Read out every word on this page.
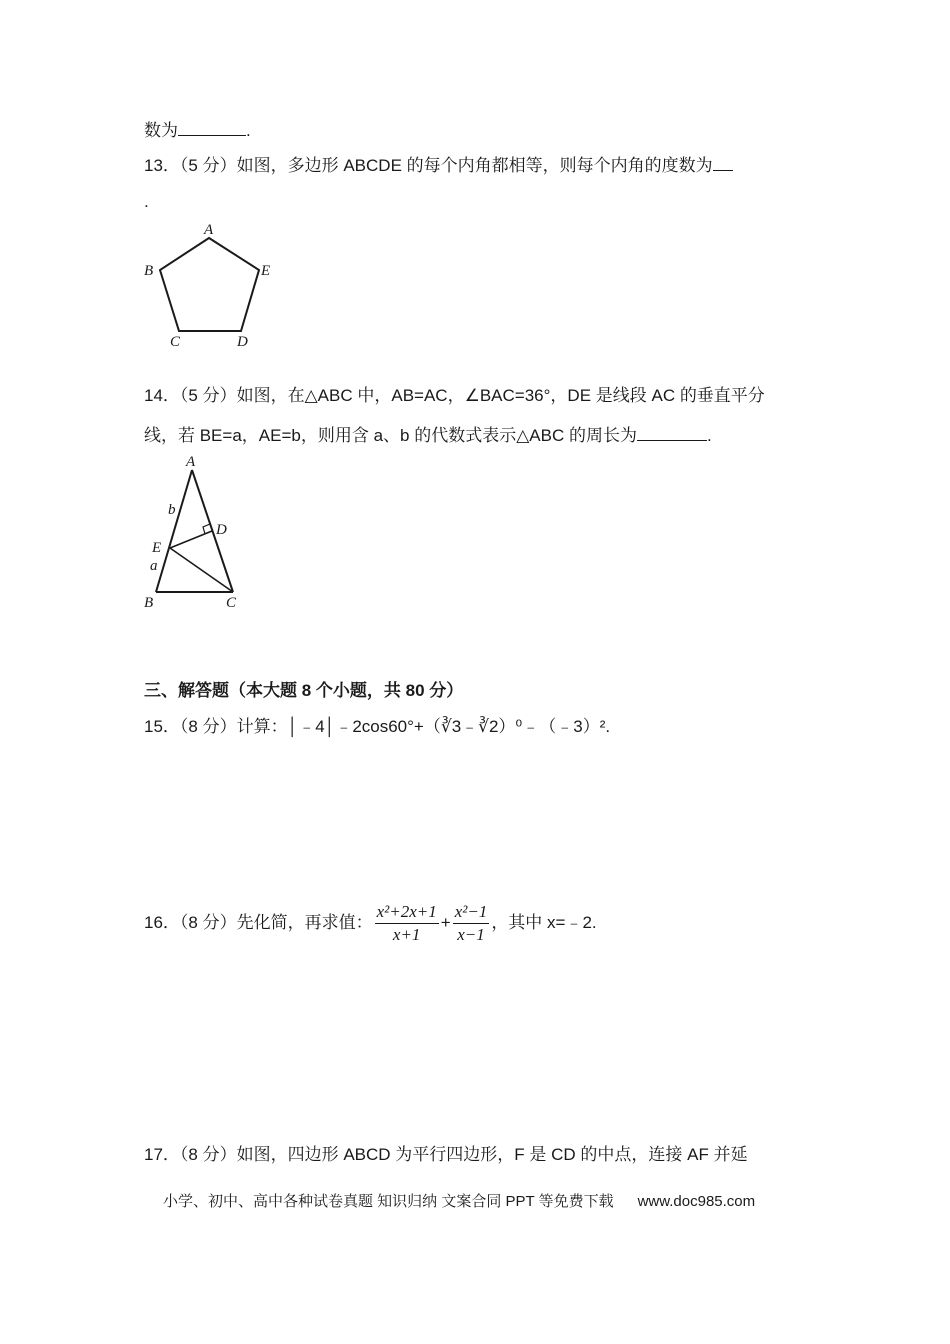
数为	.
13．（5 分）如图，多边形 ABCDE 的每个内角都相等，则每个内角的度数为
.
A
B
C	D
E
14．（5 分）如图，在△ABC 中，AB=AC，∠BAC=36°，DE 是线段 AC 的垂直平分
线，若 BE=a，AE=b，则用含 a、b 的代数式表示△ABC 的周长为	.
A
B	C
D
E
b
a
三、解答题（本大题 8 个小题，共 80 分）
15．（8 分）计算：│﹣4│﹣2cos60°+（∛3﹣∛2）⁰﹣（﹣3）².
16．（8 分）先化简，再求值： $\frac{\text{x²+2x+1}}{x+1} + \frac{\text{x²−1}}{x-1}$ ，其中 x=﹣2.
17．（8 分）如图，四边形 ABCD 为平行四边形，F 是 CD 的中点，连接 AF 并延
小学、初中、高中各种试卷真题 知识归纳 文案合同 PPT 等免费下载 www.doc985.com
